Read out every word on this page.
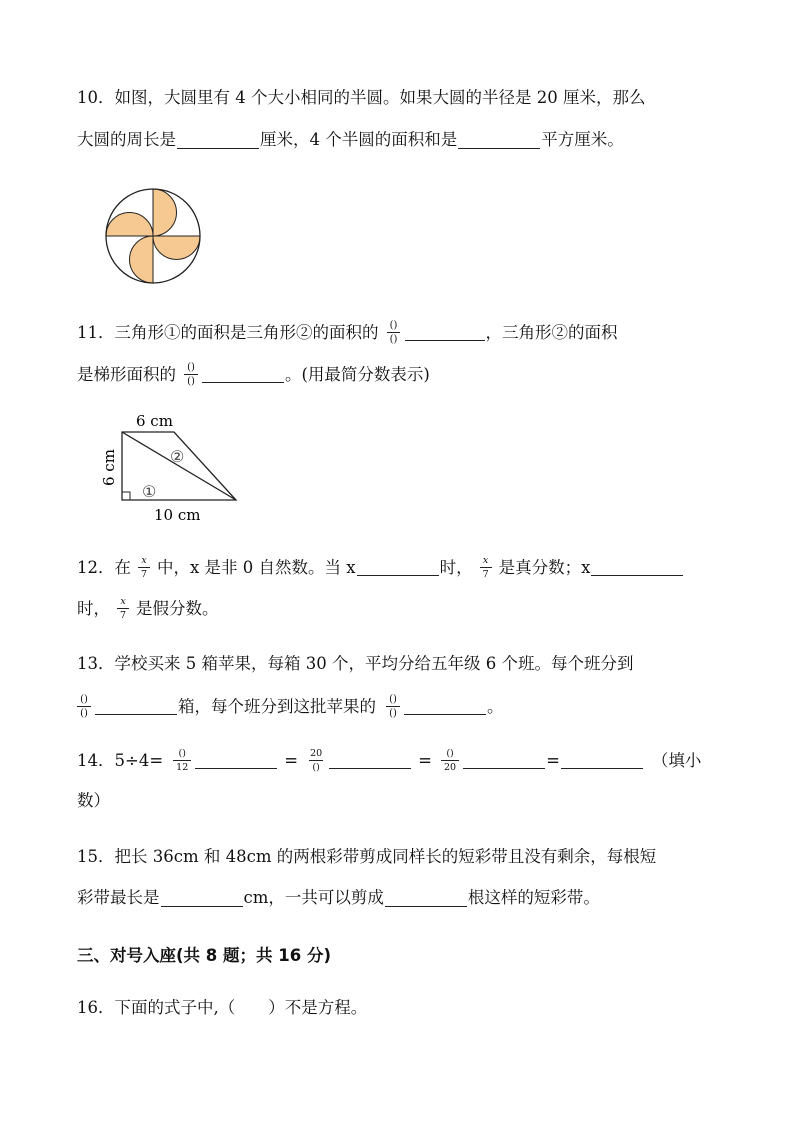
10．如图，大圆里有 4 个大小相同的半圆。如果大圆的半径是 20 厘米，那么
大圆的周长是	厘米，4 个半圆的面积和是	平方厘米。
11．三角形①的面积是三角形②的面积的 $\frac{()}{()}$	，三角形②的面积
是梯形面积的 $\frac{()}{()}$	。(用最简分数表示)
6 cm
6 cm
10 cm
①
②
12．在 $\frac{x}{7}$ 中，x 是非 0 自然数。当 x	时， $\frac{x}{7}$ 是真分数；x
时， $\frac{x}{7}$ 是假分数。
13．学校买来 5 箱苹果，每箱 30 个，平均分给五年级 6 个班。每个班分到
$\frac{()}{()}$	箱，每个班分到这批苹果的 $\frac{()}{()}$	。
14．$5\div 4= \frac{()}{12}$	= $\frac{20}{()}$	= $\frac{()}{20}$	=	（填小
数）
15．把长 36cm 和 48cm 的两根彩带剪成同样长的短彩带且没有剩余，每根短
彩带最长是	cm，一共可以剪成	根这样的短彩带。
三、对号入座(共 8 题；共 16 分)
16．下面的式子中,（　　）不是方程。
